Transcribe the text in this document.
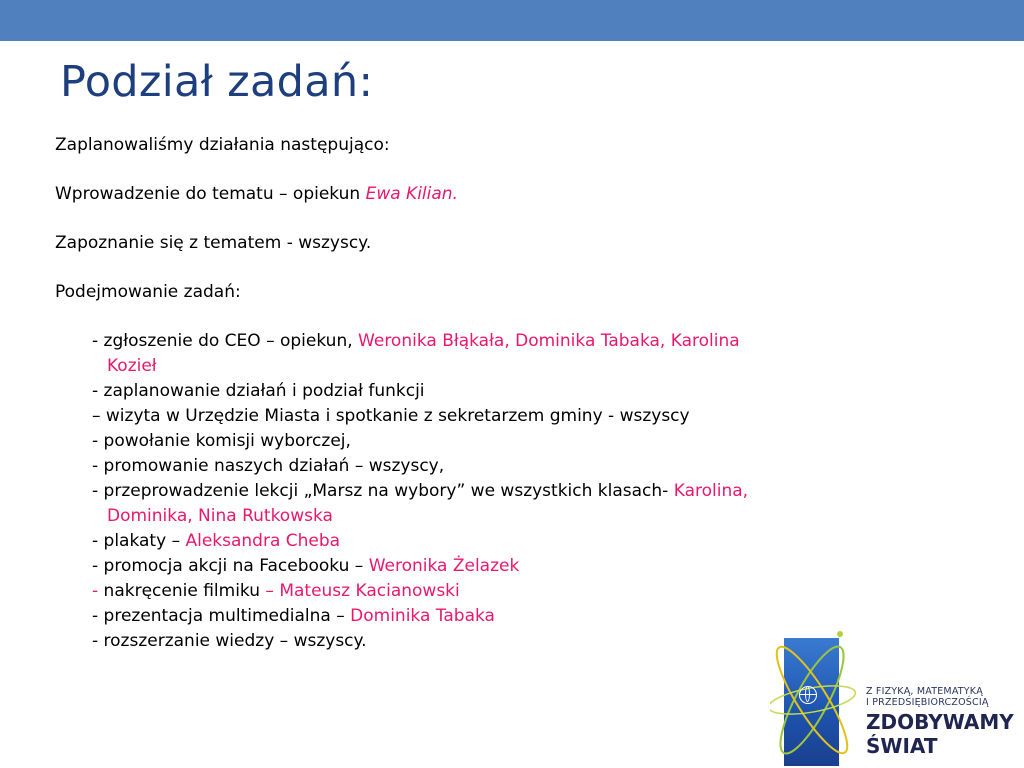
Podział zadań:

Zaplanowaliśmy działania następująco:

Wprowadzenie do tematu – opiekun Ewa Kilian.

Zapoznanie się z tematem - wszyscy.

Podejmowanie zadań:

- zgłoszenie do CEO – opiekun, Weronika Błąkała, Dominika Tabaka, Karolina

Kozieł

- zaplanowanie działań i podział funkcji

– wizyta w Urzędzie Miasta i spotkanie z sekretarzem gminy - wszyscy

- powołanie komisji wyborczej,

- promowanie naszych działań – wszyscy,

- przeprowadzenie lekcji „Marsz na wybory” we wszystkich klasach- Karolina,

Dominika, Nina Rutkowska

- plakaty – Aleksandra Cheba

- promocja akcji na Facebooku – Weronika Żelazek

- nakręcenie filmiku – Mateusz Kacianowski

- prezentacja multimedialna – Dominika Tabaka

- rozszerzanie wiedzy – wszyscy.

Z FIZYKĄ, MATEMATYKĄ
I PRZEDSIĘBIORCZOŚCIĄ
ZDOBYWAMY
ŚWIAT
